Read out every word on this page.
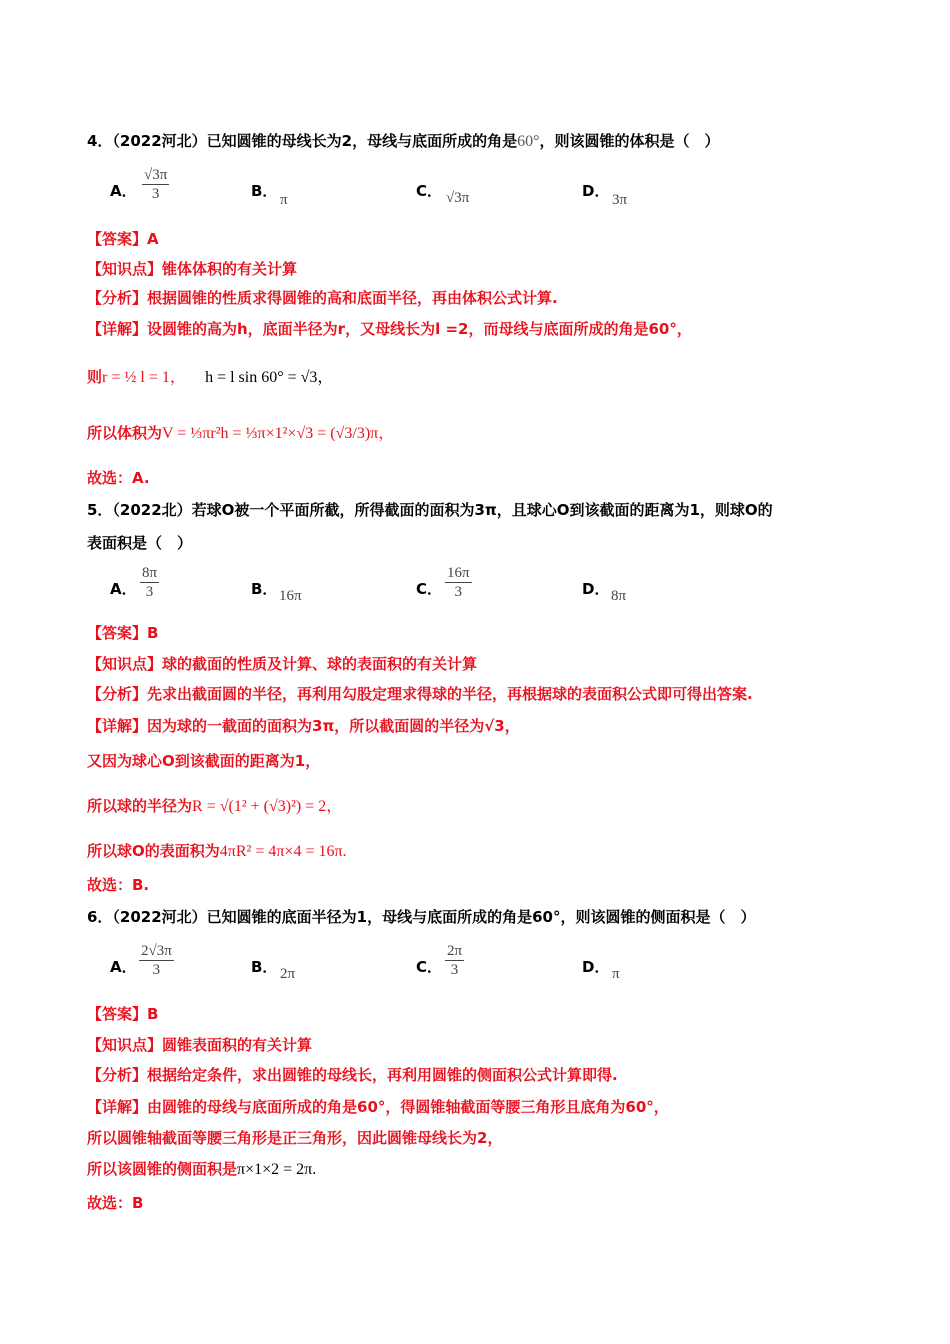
4．（2022河北）已知圆锥的母线长为2，母线与底面所成的角是60°，则该圆锥的体积是（　）
A． $\frac{√3\pi}{3}$	B． π	C． √3π	D． 3π
【答案】A
【知识点】锥体体积的有关计算
【分析】根据圆锥的性质求得圆锥的高和底面半径，再由体积公式计算.
【详解】设圆锥的高为h，底面半径为r，又母线长为l =2，而母线与底面所成的角是60°，
则r = ½ l = 1， h = l sin 60° = √3，
所以体积为V = ⅓πr²h = ⅓π×1²×√3 = (√3/3)π，
故选：A.
5．（2022北）若球O被一个平面所截，所得截面的面积为3π，且球心O到该截面的距离为1，则球O的
表面积是（　）
A． $\frac{8\pi}{3}$	B． 16π	C． $\frac{16\pi}{3}$	D． 8π
【答案】B
【知识点】球的截面的性质及计算、球的表面积的有关计算
【分析】先求出截面圆的半径，再利用勾股定理求得球的半径，再根据球的表面积公式即可得出答案.
【详解】因为球的一截面的面积为3π，所以截面圆的半径为√3，
又因为球心O到该截面的距离为1，
所以球的半径为R = √(1² + (√3)²) = 2，
所以球O的表面积为4πR² = 4π×4 = 16π.
故选：B.
6．（2022河北）已知圆锥的底面半径为1，母线与底面所成的角是60°，则该圆锥的侧面积是（　）
A． $\frac{2√3\pi}{3}$	B． 2π	C． $\frac{2\pi}{3}$	D． π
【答案】B
【知识点】圆锥表面积的有关计算
【分析】根据给定条件，求出圆锥的母线长，再利用圆锥的侧面积公式计算即得.
【详解】由圆锥的母线与底面所成的角是60°，得圆锥轴截面等腰三角形且底角为60°，
所以圆锥轴截面等腰三角形是正三角形，因此圆锥母线长为2，
所以该圆锥的侧面积是π×1×2 = 2π.
故选：B
